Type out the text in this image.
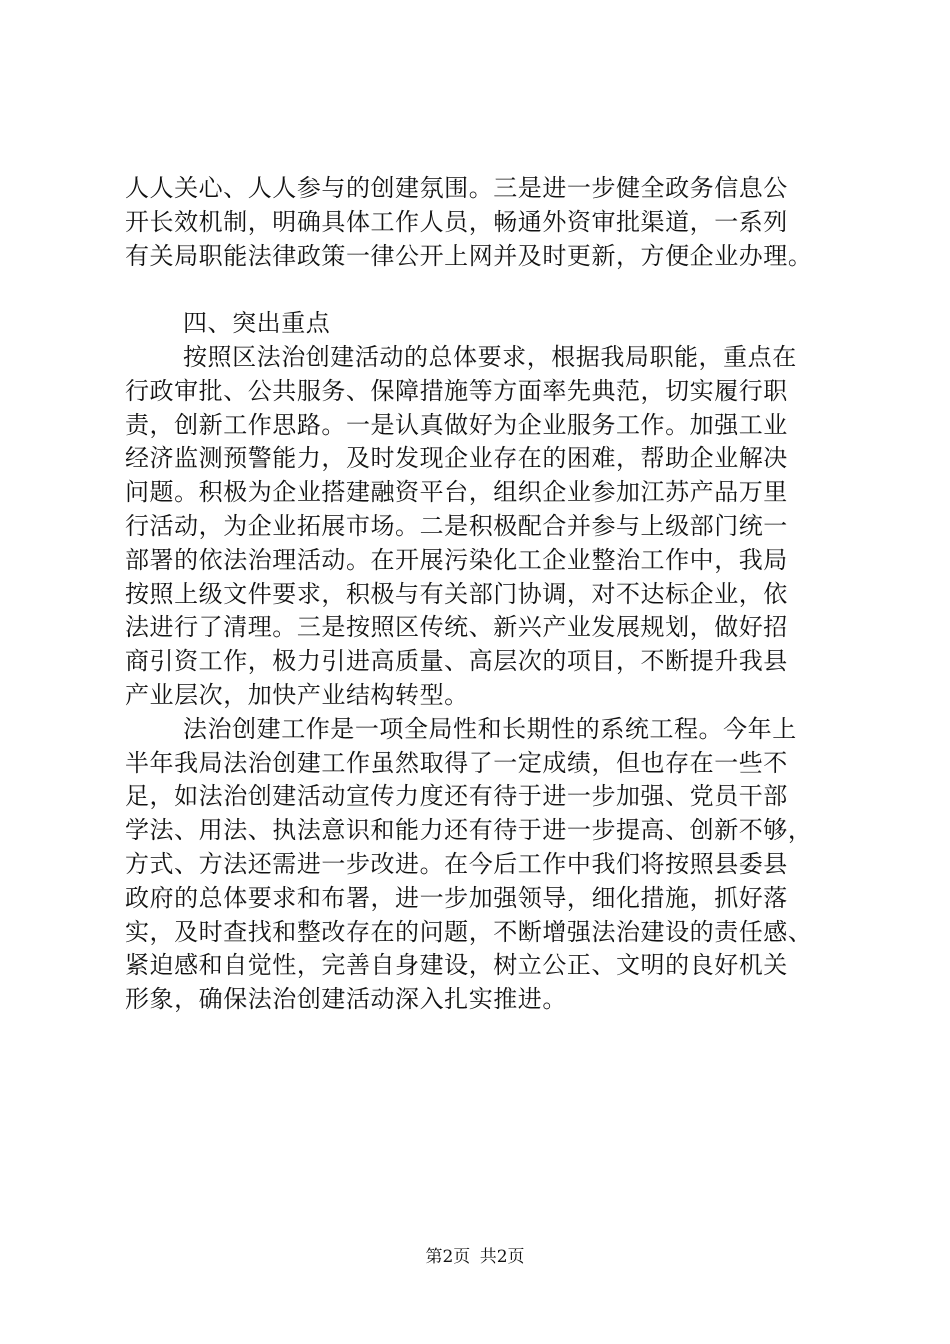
人人关心、人人参与的创建氛围。三是进一步健全政务信息公
开长效机制，明确具体工作人员，畅通外资审批渠道，一系列
有关局职能法律政策一律公开上网并及时更新，方便企业办理。
四、突出重点
按照区法治创建活动的总体要求，根据我局职能，重点在
行政审批、公共服务、保障措施等方面率先典范，切实履行职
责，创新工作思路。一是认真做好为企业服务工作。加强工业
经济监测预警能力，及时发现企业存在的困难，帮助企业解决
问题。积极为企业搭建融资平台，组织企业参加江苏产品万里
行活动，为企业拓展市场。二是积极配合并参与上级部门统一
部署的依法治理活动。在开展污染化工企业整治工作中，我局
按照上级文件要求，积极与有关部门协调，对不达标企业，依
法进行了清理。三是按照区传统、新兴产业发展规划，做好招
商引资工作，极力引进高质量、高层次的项目，不断提升我县
产业层次，加快产业结构转型。
法治创建工作是一项全局性和长期性的系统工程。今年上
半年我局法治创建工作虽然取得了一定成绩，但也存在一些不
足，如法治创建活动宣传力度还有待于进一步加强、党员干部
学法、用法、执法意识和能力还有待于进一步提高、创新不够，
方式、方法还需进一步改进。在今后工作中我们将按照县委县
政府的总体要求和布署，进一步加强领导，细化措施，抓好落
实，及时查找和整改存在的问题，不断增强法治建设的责任感、
紧迫感和自觉性，完善自身建设，树立公正、文明的良好机关
形象，确保法治创建活动深入扎实推进。
第2页 共2页
